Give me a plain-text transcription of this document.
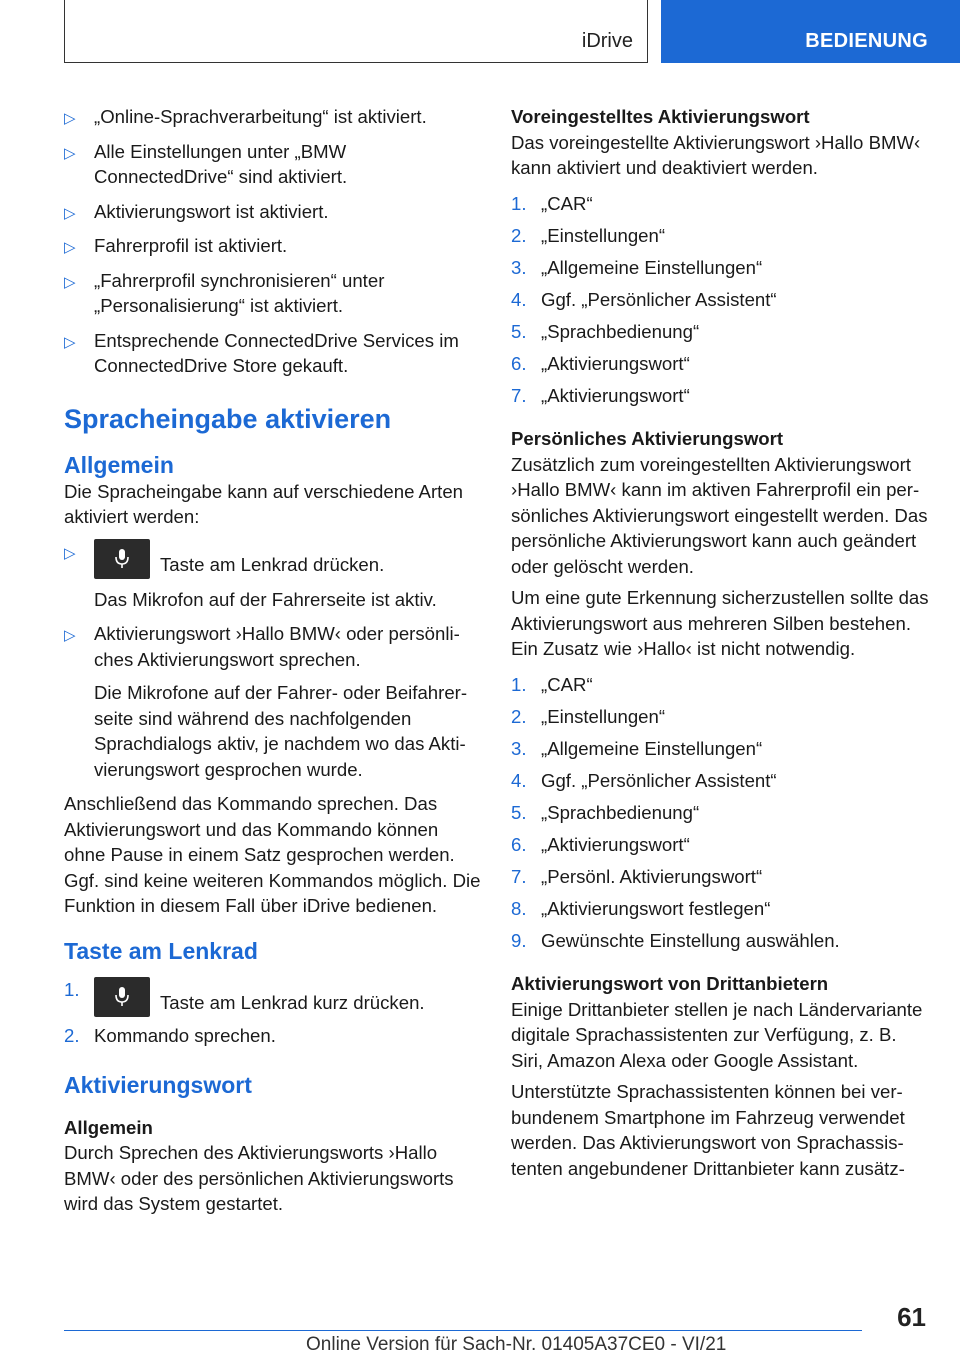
iDrive	BEDIENUNG
▷ „Online-Sprachverarbeitung“ ist aktiviert.

▷ Alle Einstellungen unter „BMW ConnectedDrive“ sind aktiviert.

▷ Aktivierungswort ist aktiviert.

▷ Fahrerprofil ist aktiviert.

▷ „Fahrerprofil synchronisieren“ unter „Personalisierung“ ist aktiviert.

▷ Entsprechende ConnectedDrive Services im ConnectedDrive Store gekauft.

Spracheingabe aktivieren
Allgemein

Die Spracheingabe kann auf verschiedene Arten aktiviert werden:

▷

Taste am Lenkrad drücken.

Das Mikrofon auf der Fahrerseite ist aktiv.

▷ Aktivierungswort ›Hallo BMW‹ oder persönliches Aktivierungswort sprechen.

Die Mikrofone auf der Fahrer- oder Beifahrerseite sind während des nachfolgenden Sprachdialogs aktiv, je nachdem wo das Aktivierungswort gesprochen wurde.

Anschließend das Kommando sprechen. Das Aktivierungswort und das Kommando können ohne Pause in einem Satz gesprochen werden. Ggf. sind keine weiteren Kommandos möglich. Die Funktion in diesem Fall über iDrive bedienen.

Taste am Lenkrad
1.
Taste am Lenkrad kurz drücken.
2. Kommando sprechen.
Aktivierungswort
Allgemein

Durch Sprechen des Aktivierungsworts ›Hallo BMW‹ oder des persönlichen Aktivierungsworts wird das System gestartet.

Voreingestelltes Aktivierungswort

Das voreingestellte Aktivierungswort ›Hallo BMW‹ kann aktiviert und deaktiviert werden.

1. „CAR“
2. „Einstellungen“
3. „Allgemeine Einstellungen“
4. Ggf. „Persönlicher Assistent“
5. „Sprachbedienung“
6. „Aktivierungswort“
7. „Aktivierungswort“
Persönliches Aktivierungswort

Zusätzlich zum voreingestellten Aktivierungswort ›Hallo BMW‹ kann im aktiven Fahrerprofil ein persönliches Aktivierungswort eingestellt werden. Das persönliche Aktivierungswort kann auch geändert oder gelöscht werden.

Um eine gute Erkennung sicherzustellen sollte das Aktivierungswort aus mehreren Silben bestehen. Ein Zusatz wie ›Hallo‹ ist nicht notwendig.

1. „CAR“
2. „Einstellungen“
3. „Allgemeine Einstellungen“
4. Ggf. „Persönlicher Assistent“
5. „Sprachbedienung“
6. „Aktivierungswort“
7. „Persönl. Aktivierungswort“
8. „Aktivierungswort festlegen“
9. Gewünschte Einstellung auswählen.
Aktivierungswort von Drittanbietern

Einige Drittanbieter stellen je nach Ländervariante digitale Sprachassistenten zur Verfügung, z. B. Siri, Amazon Alexa oder Google Assistant.

Unterstützte Sprachassistenten können bei verbundenem Smartphone im Fahrzeug verwendet werden. Das Aktivierungswort von Sprachassistenten angebundener Drittanbieter kann zusätz-

61
Online Version für Sach-Nr. 01405A37CE0 - VI/21
